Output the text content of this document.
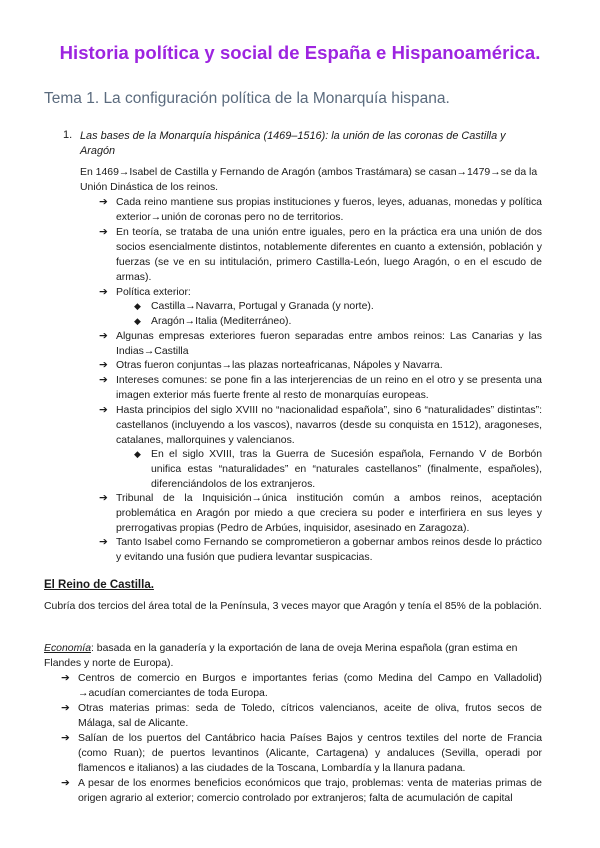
Historia política y social de España e Hispanoamérica.
Tema 1. La configuración política de la Monarquía hispana.
1. Las bases de la Monarquía hispánica (1469–1516): la unión de las coronas de Castilla y Aragón
En 1469→Isabel de Castilla y Fernando de Aragón (ambos Trastámara) se casan→1479→se da la Unión Dinástica de los reinos.
➔ Cada reino mantiene sus propias instituciones y fueros, leyes, aduanas, monedas y política exterior→unión de coronas pero no de territorios.
➔ En teoría, se trataba de una unión entre iguales, pero en la práctica era una unión de dos socios esencialmente distintos, notablemente diferentes en cuanto a extensión, población y fuerzas (se ve en su intitulación, primero Castilla-León, luego Aragón, o en el escudo de armas).
➔ Política exterior:
◆ Castilla→Navarra, Portugal y Granada (y norte).
◆ Aragón→Italia (Mediterráneo).
➔ Algunas empresas exteriores fueron separadas entre ambos reinos: Las Canarias y las Indias→Castilla
➔ Otras fueron conjuntas→las plazas norteafricanas, Nápoles y Navarra.
➔ Intereses comunes: se pone fin a las interjerencias de un reino en el otro y se presenta una imagen exterior más fuerte frente al resto de monarquías europeas.
➔ Hasta principios del siglo XVIII no “nacionalidad española”, sino 6 “naturalidades” distintas”: castellanos (incluyendo a los vascos), navarros (desde su conquista en 1512), aragoneses, catalanes, mallorquines y valencianos.
◆ En el siglo XVIII, tras la Guerra de Sucesión española, Fernando V de Borbón unifica estas “naturalidades” en “naturales castellanos” (finalmente, españoles), diferenciándolos de los extranjeros.
➔ Tribunal de la Inquisición→única institución común a ambos reinos, aceptación problemática en Aragón por miedo a que creciera su poder e interfiriera en sus leyes y prerrogativas propias (Pedro de Arbúes, inquisidor, asesinado en Zaragoza).
➔ Tanto Isabel como Fernando se comprometieron a gobernar ambos reinos desde lo práctico y evitando una fusión que pudiera levantar suspicacias.
El Reino de Castilla.
Cubría dos tercios del área total de la Península, 3 veces mayor que Aragón y tenía el 85% de la población.
Economía: basada en la ganadería y la exportación de lana de oveja Merina española (gran estima en Flandes y norte de Europa).
➔ Centros de comercio en Burgos e importantes ferias (como Medina del Campo en Valladolid) →acudían comerciantes de toda Europa.
➔ Otras materias primas: seda de Toledo, cítricos valencianos, aceite de oliva, frutos secos de Málaga, sal de Alicante.
➔ Salían de los puertos del Cantábrico hacia Países Bajos y centros textiles del norte de Francia (como Ruan); de puertos levantinos (Alicante, Cartagena) y andaluces (Sevilla, operadi por flamencos e italianos) a las ciudades de la Toscana, Lombardía y la llanura padana.
➔ A pesar de los enormes beneficios económicos que trajo, problemas: venta de materias primas de origen agrario al exterior; comercio controlado por extranjeros; falta de acumulación de capital
